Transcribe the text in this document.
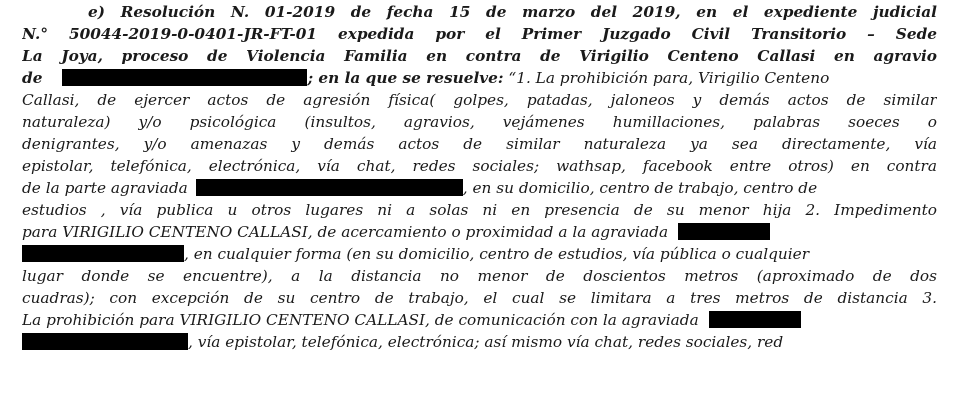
e) Resolución N. 01-2019 de fecha 15 de marzo del 2019, en el expediente judicial
N.° 50044-2019-0-0401-JR-FT-01 expedida por el Primer Juzgado Civil Transitorio – Sede
La Joya, proceso de Violencia Familia en contra de Virigilio Centeno Callasi en agravio
de	; en la que se resuelve: “1. La prohibición para, Virigilio Centeno
Callasi, de ejercer actos de agresión física( golpes, patadas, jaloneos y demás actos de similar
naturaleza) y/o psicológica (insultos, agravios, vejámenes humillaciones, palabras soeces o
denigrantes, y/o amenazas y demás actos de similar naturaleza ya sea directamente, vía
epistolar, telefónica, electrónica, vía chat, redes sociales; wathsap, facebook entre otros) en contra
de la parte agraviada	, en su domicilio, centro de trabajo, centro de
estudios , vía publica u otros lugares ni a solas ni en presencia de su menor hija 2. Impedimento
para VIRIGILIO CENTENO CALLASI, de acercamiento o proximidad a la agraviada
, en cualquier forma (en su domicilio, centro de estudios, vía pública o cualquier
lugar donde se encuentre), a la distancia no menor de doscientos metros (aproximado de dos
cuadras); con excepción de su centro de trabajo, el cual se limitara a tres metros de distancia 3.
La prohibición para VIRIGILIO CENTENO CALLASI, de comunicación con la agraviada
, vía epistolar, telefónica, electrónica; así mismo vía chat, redes sociales, red
